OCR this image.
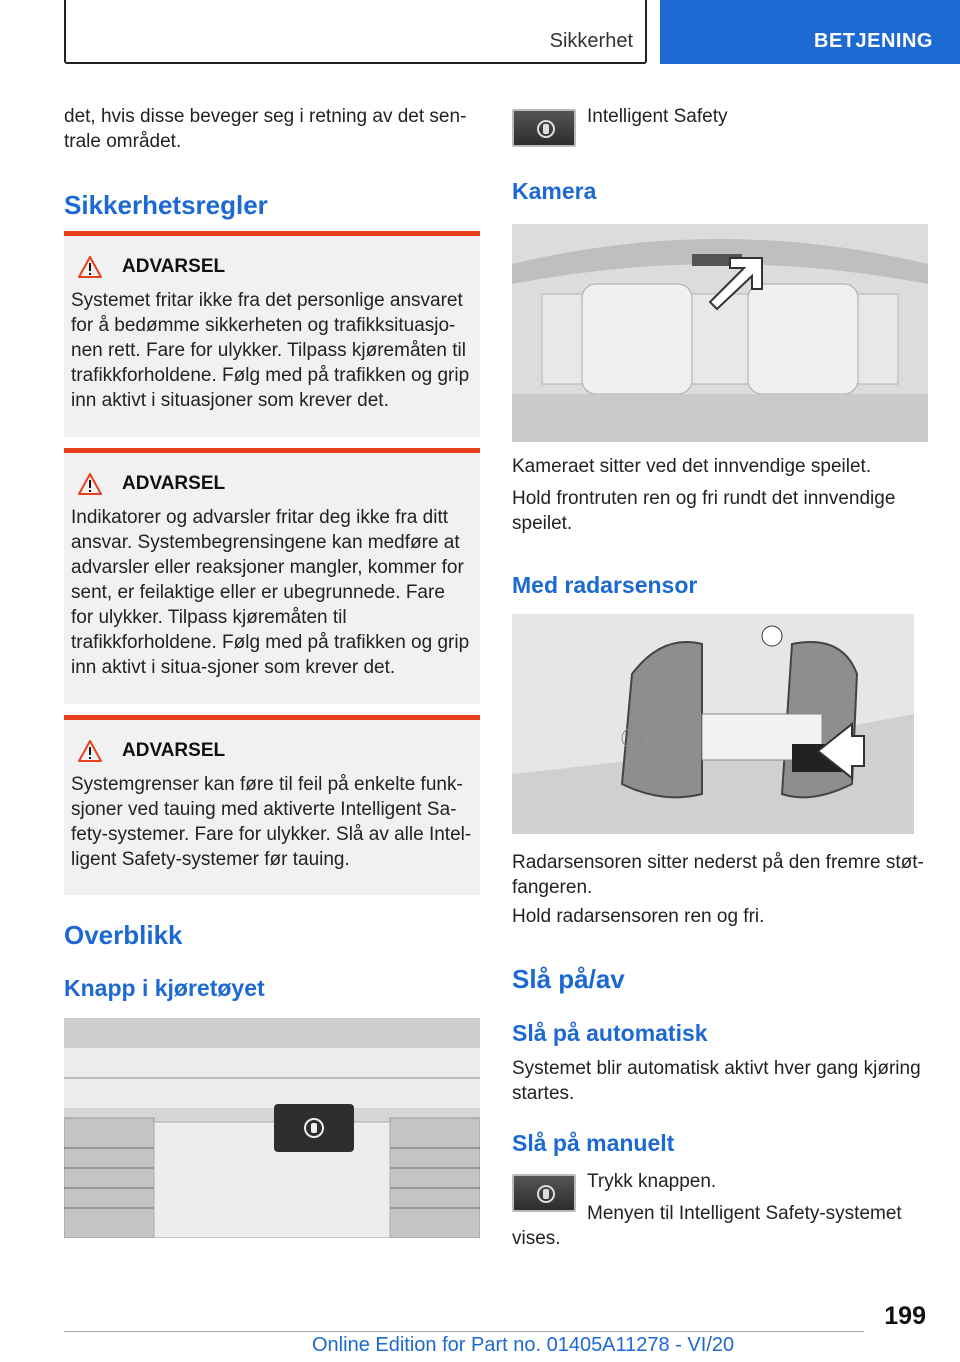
Sikkerhet	BETJENING

det, hvis disse beveger seg i retning av det sen-
trale området.

Sikkerhetsregler
ADVARSEL

Systemet fritar ikke fra det personlige ansvaret for å bedømme sikkerheten og trafikksituasjo-nen rett. Fare for ulykker. Tilpass kjøremåten til trafikkforholdene. Følg med på trafikken og grip inn aktivt i situasjoner som krever det.

ADVARSEL

Indikatorer og advarsler fritar deg ikke fra ditt ansvar. Systembegrensingene kan medføre at advarsler eller reaksjoner mangler, kommer for sent, er feilaktige eller er ubegrunnede. Fare for ulykker. Tilpass kjøremåten til trafikkforholdene. Følg med på trafikken og grip inn aktivt i situa-sjoner som krever det.

ADVARSEL

Systemgrenser kan føre til feil på enkelte funk-sjoner ved tauing med aktiverte Intelligent Sa-fety-systemer. Fare for ulykker. Slå av alle Intel-ligent Safety-systemer før tauing.

Overblikk
Knapp i kjøretøyet

Intelligent Safety

Kamera

Kameraet sitter ved det innvendige speilet.

Hold frontruten ren og fri rundt det innvendige speilet.

Med radarsensor

Radarsensoren sitter nederst på den fremre støt-fangeren.

Hold radarsensoren ren og fri.

Slå på/av
Slå på automatisk

Systemet blir automatisk aktivt hver gang kjøring startes.

Slå på manuelt

Trykk knappen.

Menyen til Intelligent Safety-systemet vises.

199
Online Edition for Part no. 01405A11278 - VI/20
